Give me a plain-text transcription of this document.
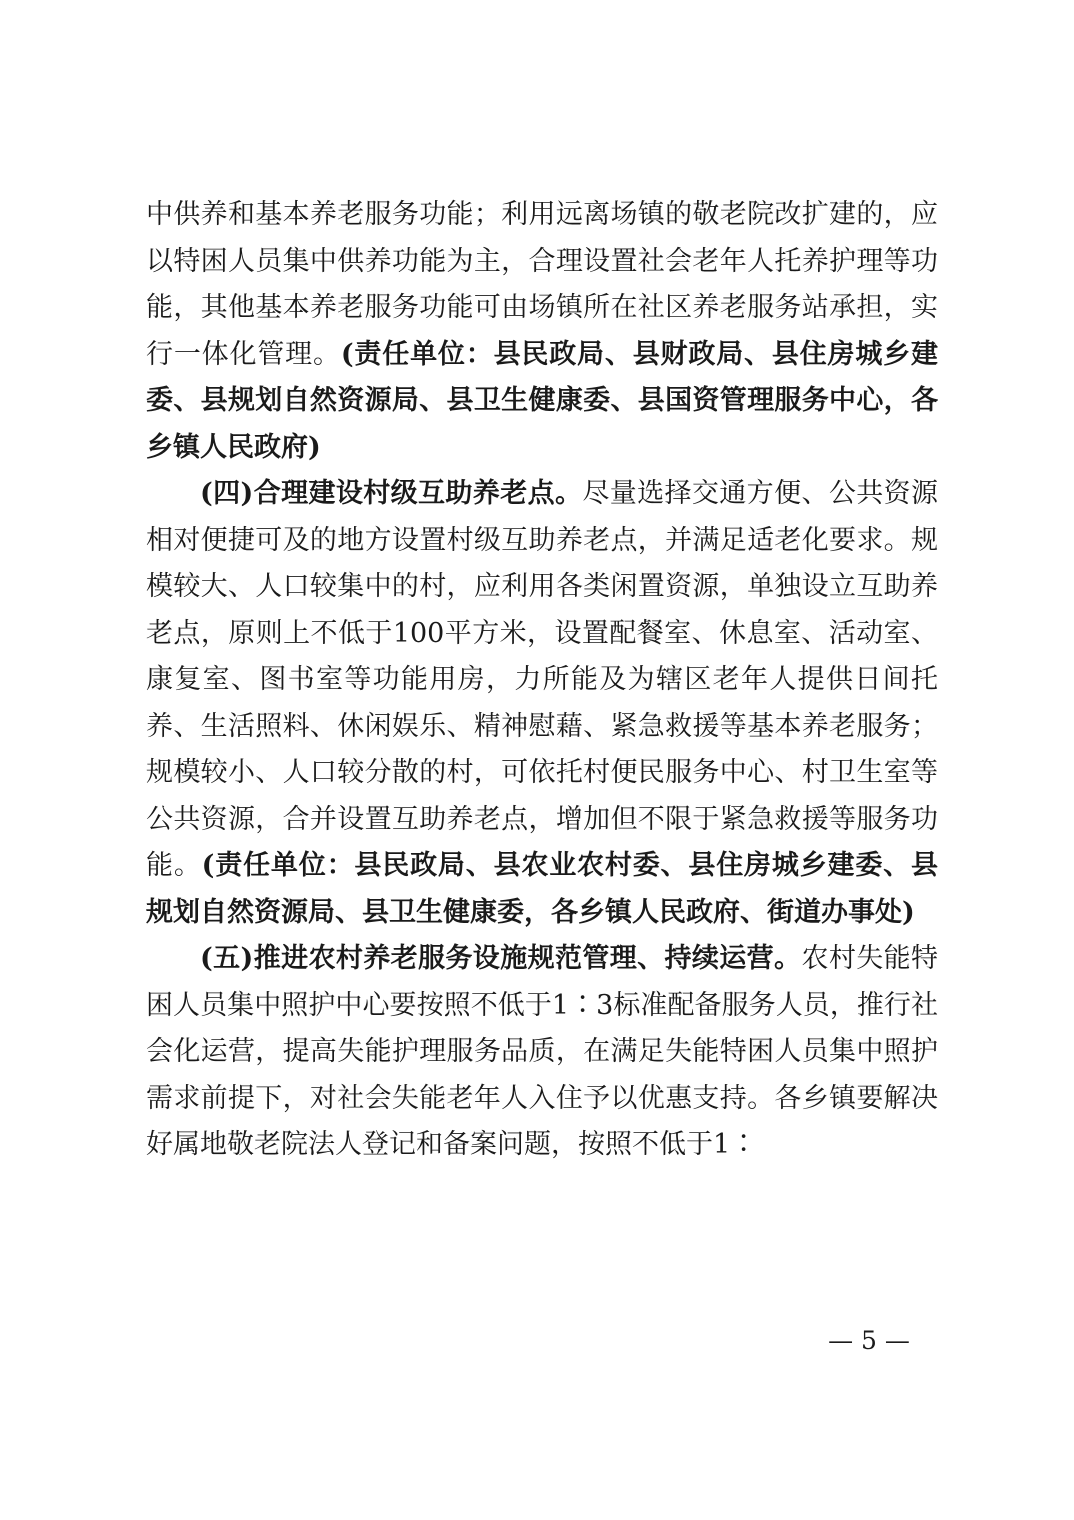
中供养和基本养老服务功能；利用远离场镇的敬老院改扩建的，应以特困人员集中供养功能为主，合理设置社会老年人托养护理等功能，其他基本养老服务功能可由场镇所在社区养老服务站承担，实行一体化管理。(责任单位：县民政局、县财政局、县住房城乡建委、县规划自然资源局、县卫生健康委、县国资管理服务中心，各乡镇人民政府)

(四)合理建设村级互助养老点。尽量选择交通方便、公共资源相对便捷可及的地方设置村级互助养老点，并满足适老化要求。规模较大、人口较集中的村，应利用各类闲置资源，单独设立互助养老点，原则上不低于100平方米，设置配餐室、休息室、活动室、康复室、图书室等功能用房，力所能及为辖区老年人提供日间托养、生活照料、休闲娱乐、精神慰藉、紧急救援等基本养老服务；规模较小、人口较分散的村，可依托村便民服务中心、村卫生室等公共资源，合并设置互助养老点，增加但不限于紧急救援等服务功能。(责任单位：县民政局、县农业农村委、县住房城乡建委、县规划自然资源局、县卫生健康委，各乡镇人民政府、街道办事处)

(五)推进农村养老服务设施规范管理、持续运营。农村失能特困人员集中照护中心要按照不低于1∶3标准配备服务人员，推行社会化运营，提高失能护理服务品质，在满足失能特困人员集中照护需求前提下，对社会失能老年人入住予以优惠支持。各乡镇要解决好属地敬老院法人登记和备案问题，按照不低于1∶

— 5 —
